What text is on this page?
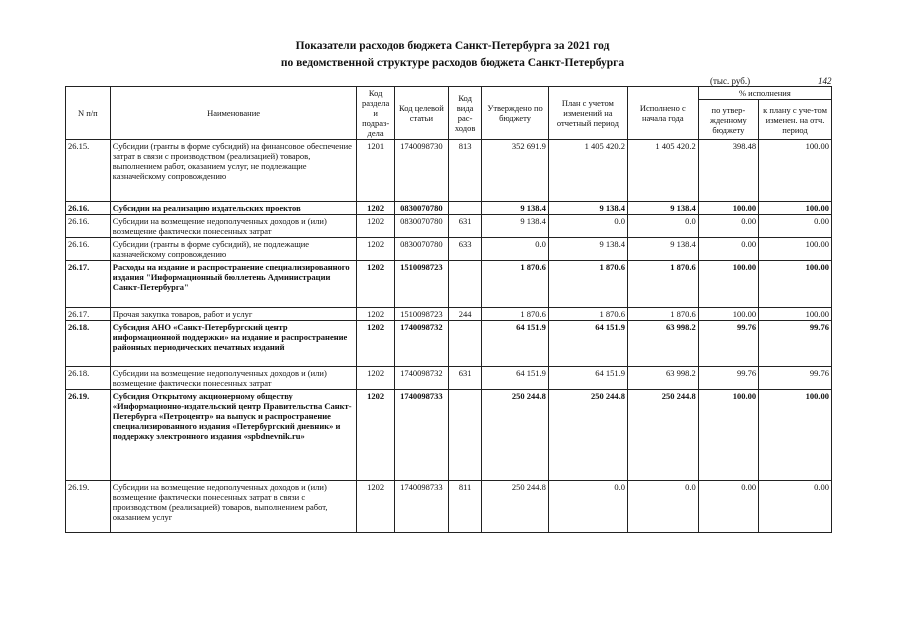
Показатели расходов бюджета Санкт-Петербурга за 2021 год
по ведомственной структуре расходов бюджета Санкт-Петербурга
(тыс. руб.)	142
N п/п	Наименование	Код раздела и подраз-дела	Код целевой статьи	Код вида рас-ходов	Утверждено по бюджету	План с учетом изменений на отчетный период	Исполнено с начала года	% исполнения	
								по утвер-жденному бюджету	к плану с уче-том изменен. на отч. период
26.15.	Субсидии (гранты в форме субсидий) на финансовое обеспечение затрат в связи с производством (реализацией) товаров, выполнением работ, оказанием услуг, не подлежащие казначейскому сопровождению	1201	1740098730	813	352 691.9	1 405 420.2	1 405 420.2	398.48	100.00
26.16.	Субсидии на реализацию издательских проектов	1202	0830070780		9 138.4	9 138.4	9 138.4	100.00	100.00
26.16.	Субсидии на возмещение недополученных доходов и (или) возмещение фактически понесенных затрат	1202	0830070780	631	9 138.4	0.0	0.0	0.00	0.00
26.16.	Субсидии (гранты в форме субсидий), не подлежащие казначейскому сопровождению	1202	0830070780	633	0.0	9 138.4	9 138.4	0.00	100.00
26.17.	Расходы на издание и распространение специализированного издания "Информационный бюллетень Администрации Санкт-Петербурга"	1202	1510098723		1 870.6	1 870.6	1 870.6	100.00	100.00
26.17.	Прочая закупка товаров, работ и услуг	1202	1510098723	244	1 870.6	1 870.6	1 870.6	100.00	100.00
26.18.	Субсидия АНО «Санкт-Петербургский центр информационной поддержки» на издание и распространение районных периодических печатных изданий	1202	1740098732		64 151.9	64 151.9	63 998.2	99.76	99.76
26.18.	Субсидии на возмещение недополученных доходов и (или) возмещение фактически понесенных затрат	1202	1740098732	631	64 151.9	64 151.9	63 998.2	99.76	99.76
26.19.	Субсидия Открытому акционерному обществу «Информационно-издательский центр Правительства Санкт-Петербурга «Петроцентр» на выпуск и распространение специализированного издания «Петербургский дневник» и поддержку электронного издания «spbdnevnik.ru»	1202	1740098733		250 244.8	250 244.8	250 244.8	100.00	100.00
26.19.	Субсидии на возмещение недополученных доходов и (или) возмещение фактически понесенных затрат в связи с производством (реализацией) товаров, выполнением работ, оказанием услуг	1202	1740098733	811	250 244.8	0.0	0.0	0.00	0.00
